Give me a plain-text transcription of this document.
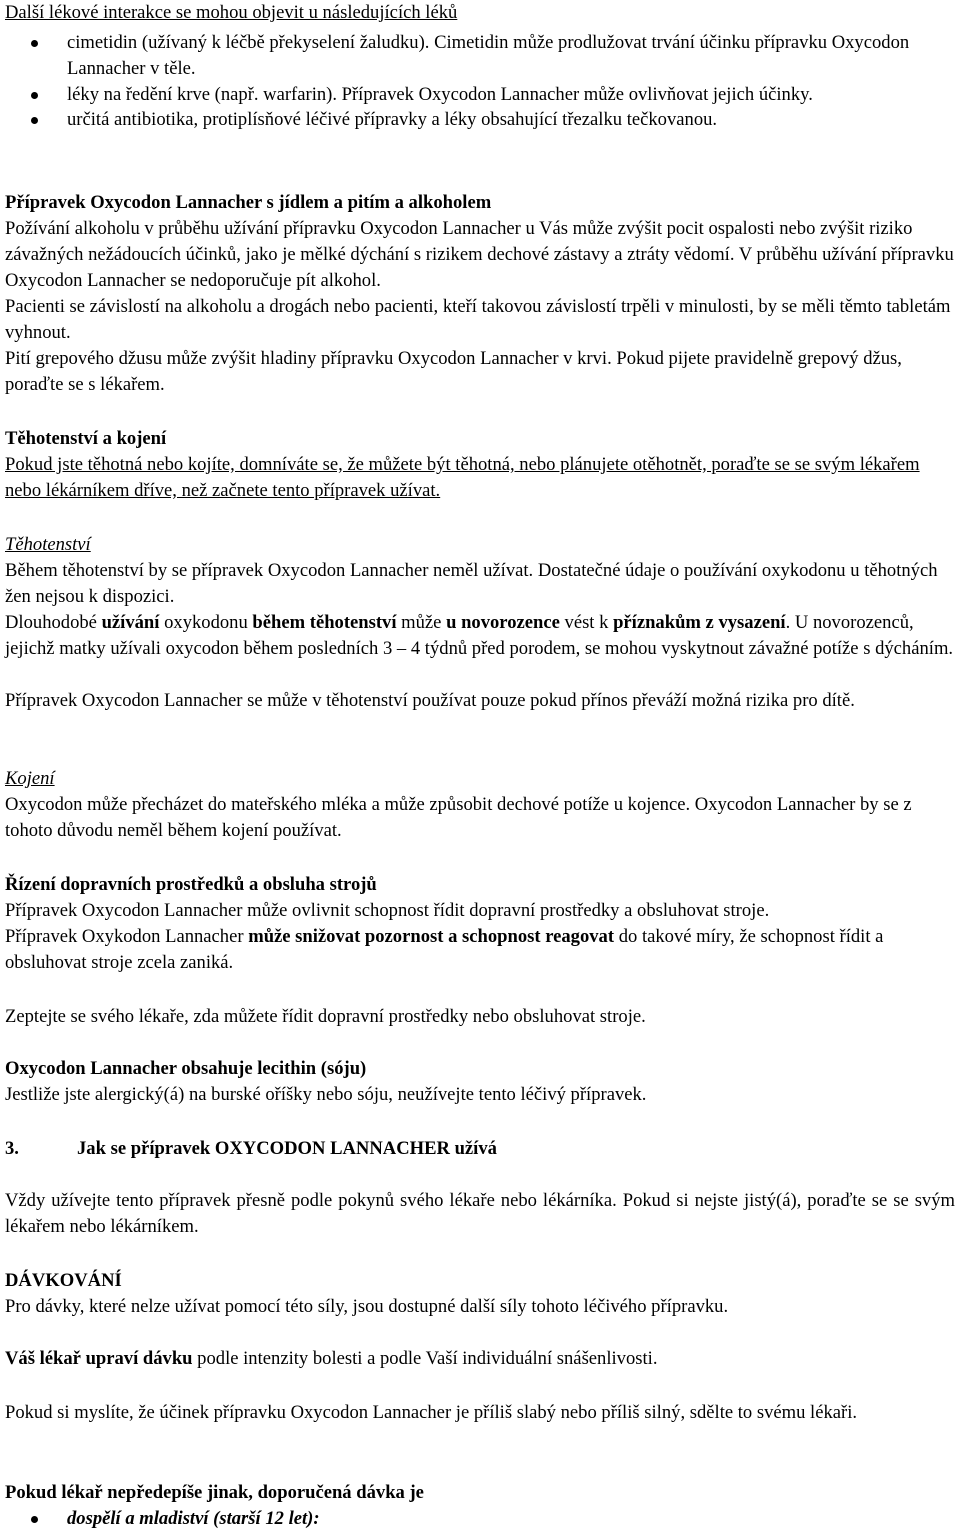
Další lékové interakce se mohou objevit u následujících léků

cimetidin (užívaný k léčbě překyselení žaludku). Cimetidin může prodlužovat trvání účinku přípravku Oxycodon Lannacher v těle.
léky na ředění krve (např. warfarin). Přípravek Oxycodon Lannacher může ovlivňovat jejich účinky.
určitá antibiotika, protiplísňové léčivé přípravky a léky obsahující třezalku tečkovanou.

Přípravek Oxycodon Lannacher s jídlem a pitím a alkoholem

Požívání alkoholu v průběhu užívání přípravku Oxycodon Lannacher u Vás může zvýšit pocit ospalosti nebo zvýšit riziko závažných nežádoucích účinků, jako je mělké dýchání s rizikem dechové zástavy a ztráty vědomí. V průběhu užívání přípravku Oxycodon Lannacher se nedoporučuje pít alkohol.

Pacienti se závislostí na alkoholu a drogách nebo pacienti, kteří takovou závislostí trpěli v minulosti, by se měli těmto tabletám vyhnout.

Pití grepového džusu může zvýšit hladiny přípravku Oxycodon Lannacher v krvi. Pokud pijete pravidelně grepový džus, poraďte se s lékařem.

Těhotenství a kojení

Pokud jste těhotná nebo kojíte, domníváte se, že můžete být těhotná, nebo plánujete otěhotnět, poraďte se se svým lékařem nebo lékárníkem dříve, než začnete tento přípravek užívat.

Těhotenství

Během těhotenství by se přípravek Oxycodon Lannacher neměl užívat. Dostatečné údaje o používání oxykodonu u těhotných žen nejsou k dispozici.

Dlouhodobé užívání oxykodonu během těhotenství může u novorozence vést k příznakům z vysazení. U novorozenců, jejichž matky užívali oxycodon během posledních 3 – 4 týdnů před porodem, se mohou vyskytnout závažné potíže s dýcháním.

Přípravek Oxycodon Lannacher se může v těhotenství používat pouze pokud přínos převáží možná rizika pro dítě.

Kojení

Oxycodon může přecházet do mateřského mléka a může způsobit dechové potíže u kojence. Oxycodon Lannacher by se z tohoto důvodu neměl během kojení používat.

Řízení dopravních prostředků a obsluha strojů

Přípravek Oxycodon Lannacher může ovlivnit schopnost řídit dopravní prostředky a obsluhovat stroje.

Přípravek Oxykodon Lannacher může snižovat pozornost a schopnost reagovat do takové míry, že schopnost řídit a obsluhovat stroje zcela zaniká.

Zeptejte se svého lékaře, zda můžete řídit dopravní prostředky nebo obsluhovat stroje.

Oxycodon Lannacher obsahuje lecithin (sóju)

Jestliže jste alergický(á) na burské oříšky nebo sóju, neužívejte tento léčivý přípravek.

3.	Jak se přípravek OXYCODON LANNACHER užívá

Vždy užívejte tento přípravek přesně podle pokynů svého lékaře nebo lékárníka. Pokud si nejste jistý(á), poraďte se se svým lékařem nebo lékárníkem.

DÁVKOVÁNÍ

Pro dávky, které nelze užívat pomocí této síly, jsou dostupné další síly tohoto léčivého přípravku.

Váš lékař upraví dávku podle intenzity bolesti a podle Vaší individuální snášenlivosti.

Pokud si myslíte, že účinek přípravku Oxycodon Lannacher je příliš slabý nebo příliš silný, sdělte to svému lékaři.

Pokud lékař nepředepíše jinak, doporučená dávka je

dospělí a mladiství (starší 12 let):
